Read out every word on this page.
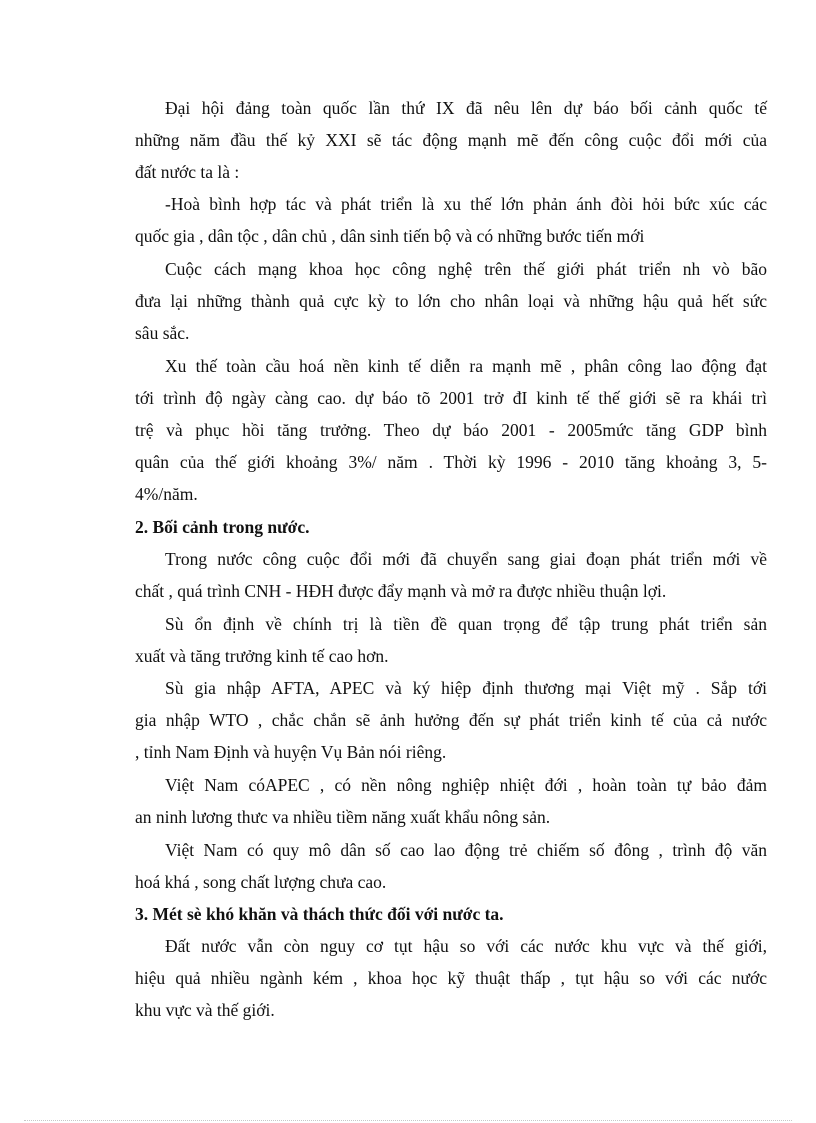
Đại hội đảng toàn quốc lần thứ IX đã nêu lên dự báo bối cảnh quốc tế
những năm đầu thế kỷ XXI sẽ tác động mạnh mẽ đến công cuộc đổi mới của
đất nước ta là :
-Hoà bình hợp tác và phát triển là xu thế lớn phản ánh đòi hỏi bức xúc các
quốc gia , dân tộc , dân chủ , dân sinh tiến bộ và có những bước tiến mới
Cuộc cách mạng khoa học công nghệ trên thế giới phát triển nh vò bão
đưa lại những thành quả cực kỳ to lớn cho nhân loại và những hậu quả hết sức
sâu sắc.
Xu thế toàn cầu hoá nền kinh tế diễn ra mạnh mẽ , phân công lao động đạt
tới trình độ ngày càng cao. dự báo tõ 2001 trở đI kinh tế thế giới sẽ ra khái trì
trệ và phục hồi tăng trưởng. Theo dự báo 2001 - 2005mức tăng GDP bình
quân của thế giới khoảng 3%/ năm . Thời kỳ 1996 - 2010 tăng khoảng 3, 5-
4%/năm.
2. Bối cảnh trong nước.
Trong nước công cuộc đổi mới đã chuyển sang giai đoạn phát triển mới về
chất , quá trình CNH - HĐH được đẩy mạnh và mở ra được nhiều thuận lợi.
Sù ổn định về chính trị là tiền đề quan trọng để tập trung phát triển sản
xuất và tăng trưởng kinh tế cao hơn.
Sù gia nhập AFTA, APEC và ký hiệp định thương mại Việt mỹ . Sắp tới
gia nhập WTO , chắc chắn sẽ ảnh hưởng đến sự phát triển kinh tế của cả nước
, tỉnh Nam Định và huyện Vụ Bản nói riêng.
Việt Nam cóAPEC , có nền nông nghiệp nhiệt đới , hoàn toàn tự bảo đảm
an ninh lương thưc va nhiều tiềm năng xuất khẩu nông sản.
Việt Nam có quy mô dân số cao lao động trẻ chiếm số đông , trình độ văn
hoá khá , song chất lượng chưa cao.
3. Mét sè khó khăn và thách thức đối với nước ta.
Đất nước vẫn còn nguy cơ tụt hậu so với các nước khu vực và thế giới,
hiệu quả nhiều ngành kém , khoa học kỹ thuật thấp , tụt hậu so với các nước
khu vực và thế giới.
